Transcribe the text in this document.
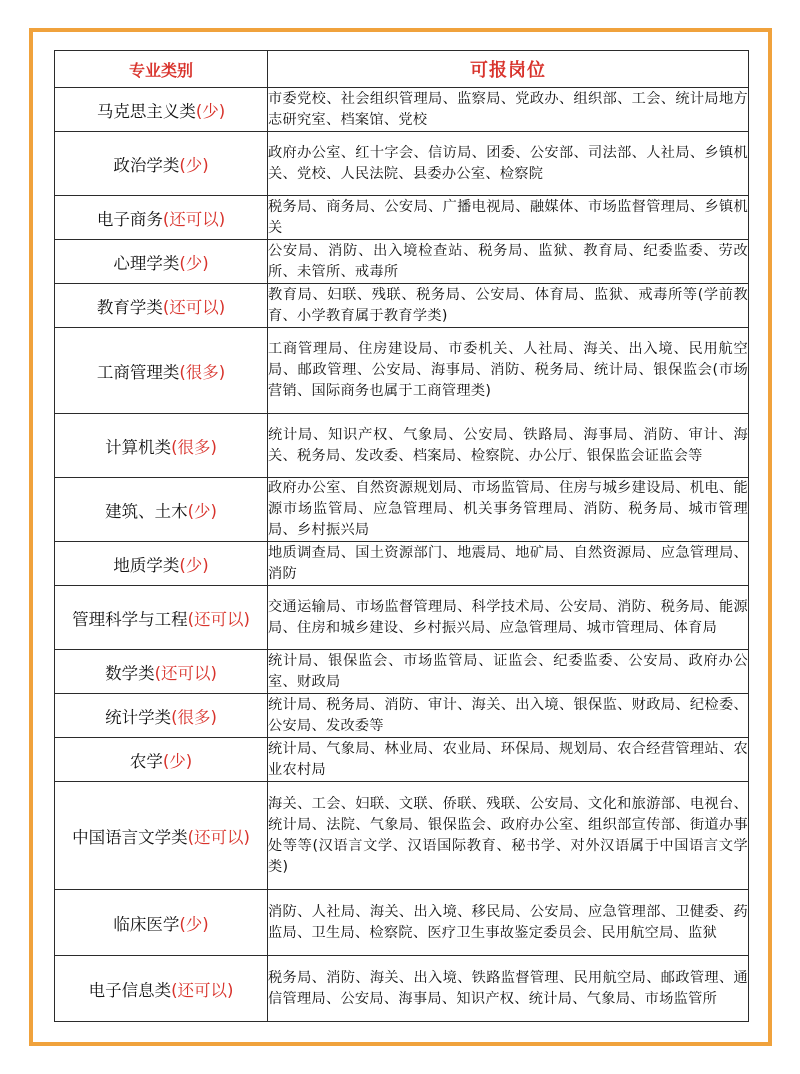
专业类别	可报岗位
马克思主义类(少)	市委党校、社会组织管理局、监察局、党政办、组织部、工会、统计局地方志研究室、档案馆、党校
政治学类(少)	政府办公室、红十字会、信访局、团委、公安部、司法部、人社局、乡镇机关、党校、人民法院、县委办公室、检察院
电子商务(还可以)	税务局、商务局、公安局、广播电视局、融媒体、市场监督管理局、乡镇机关
心理学类(少)	公安局、消防、出入境检查站、税务局、监狱、教育局、纪委监委、劳改所、未管所、戒毒所
教育学类(还可以)	教育局、妇联、残联、税务局、公安局、体育局、监狱、戒毒所等(学前教育、小学教育属于教育学类)
工商管理类(很多)	工商管理局、住房建设局、市委机关、人社局、海关、出入境、民用航空局、邮政管理、公安局、海事局、消防、税务局、统计局、银保监会(市场营销、国际商务也属于工商管理类)
计算机类(很多)	统计局、知识产权、气象局、公安局、铁路局、海事局、消防、审计、海关、税务局、发改委、档案局、检察院、办公厅、银保监会证监会等
建筑、土木(少)	政府办公室、自然资源规划局、市场监管局、住房与城乡建设局、机电、能源市场监管局、应急管理局、机关事务管理局、消防、税务局、城市管理局、乡村振兴局
地质学类(少)	地质调查局、国土资源部门、地震局、地矿局、自然资源局、应急管理局、消防
管理科学与工程(还可以)	交通运输局、市场监督管理局、科学技术局、公安局、消防、税务局、能源局、住房和城乡建设、乡村振兴局、应急管理局、城市管理局、体育局
数学类(还可以)	统计局、银保监会、市场监管局、证监会、纪委监委、公安局、政府办公室、财政局
统计学类(很多)	统计局、税务局、消防、审计、海关、出入境、银保监、财政局、纪检委、公安局、发改委等
农学(少)	统计局、气象局、林业局、农业局、环保局、规划局、农合经营管理站、农业农村局
中国语言文学类(还可以)	海关、工会、妇联、文联、侨联、残联、公安局、文化和旅游部、电视台、统计局、法院、气象局、银保监会、政府办公室、组织部宣传部、街道办事处等等(汉语言文学、汉语国际教育、秘书学、对外汉语属于中国语言文学类)
临床医学(少)	消防、人社局、海关、出入境、移民局、公安局、应急管理部、卫健委、药监局、卫生局、检察院、医疗卫生事故鉴定委员会、民用航空局、监狱
电子信息类(还可以)	税务局、消防、海关、出入境、铁路监督管理、民用航空局、邮政管理、通信管理局、公安局、海事局、知识产权、统计局、气象局、市场监管所
